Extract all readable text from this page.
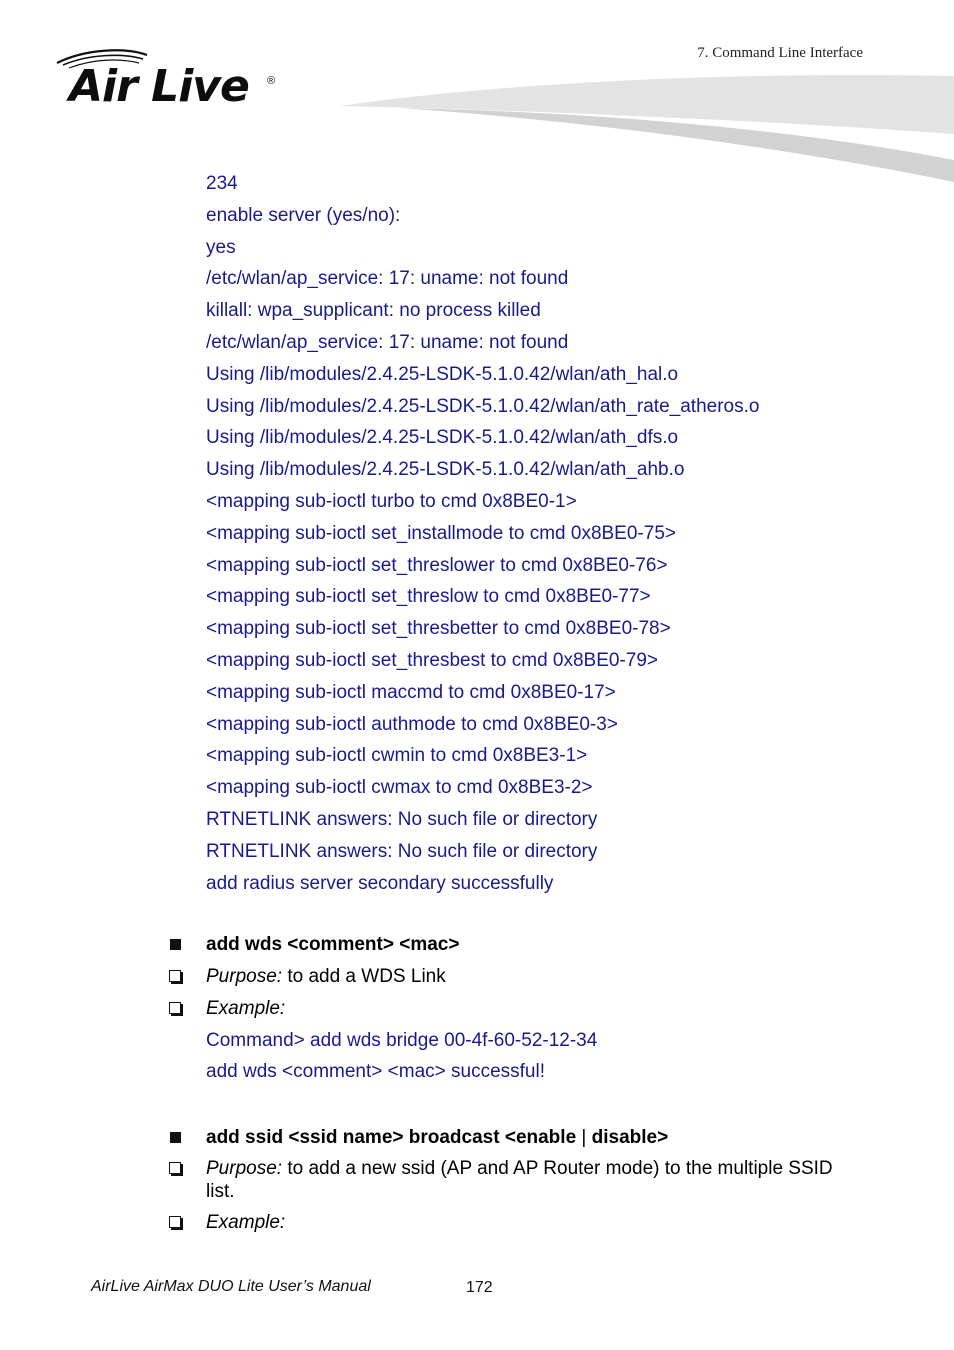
Air Live ®
7. Command Line Interface
234
enable server (yes/no):
yes
/etc/wlan/ap_service: 17: uname: not found
killall: wpa_supplicant: no process killed
/etc/wlan/ap_service: 17: uname: not found
Using /lib/modules/2.4.25-LSDK-5.1.0.42/wlan/ath_hal.o
Using /lib/modules/2.4.25-LSDK-5.1.0.42/wlan/ath_rate_atheros.o
Using /lib/modules/2.4.25-LSDK-5.1.0.42/wlan/ath_dfs.o
Using /lib/modules/2.4.25-LSDK-5.1.0.42/wlan/ath_ahb.o
<mapping sub-ioctl turbo to cmd 0x8BE0-1>
<mapping sub-ioctl set_installmode to cmd 0x8BE0-75>
<mapping sub-ioctl set_threslower to cmd 0x8BE0-76>
<mapping sub-ioctl set_threslow to cmd 0x8BE0-77>
<mapping sub-ioctl set_thresbetter to cmd 0x8BE0-78>
<mapping sub-ioctl set_thresbest to cmd 0x8BE0-79>
<mapping sub-ioctl maccmd to cmd 0x8BE0-17>
<mapping sub-ioctl authmode to cmd 0x8BE0-3>
<mapping sub-ioctl cwmin to cmd 0x8BE3-1>
<mapping sub-ioctl cwmax to cmd 0x8BE3-2>
RTNETLINK answers: No such file or directory
RTNETLINK answers: No such file or directory
add radius server secondary successfully
add wds <comment> <mac>
Purpose: to add a WDS Link
Example:
Command> add wds bridge 00-4f-60-52-12-34
add wds <comment> <mac> successful!
add ssid <ssid name> broadcast <enable | disable>
Purpose: to add a new ssid (AP and AP Router mode) to the multiple SSID list.
Example:
AirLive AirMax DUO Lite User’s Manual	172
